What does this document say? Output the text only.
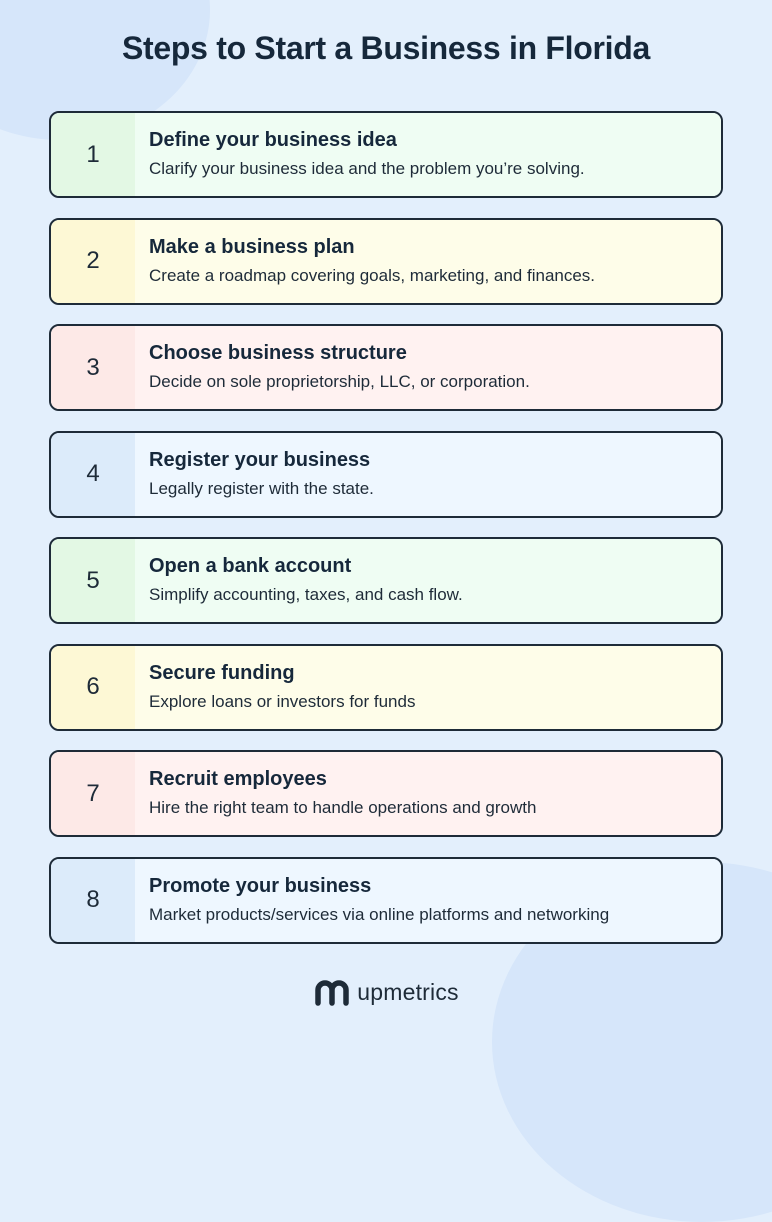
Steps to Start a Business in Florida
1
Define your business idea
Clarify your business idea and the problem you’re solving.
2
Make a business plan
Create a roadmap covering goals, marketing, and finances.
3
Choose business structure
Decide on sole proprietorship, LLC, or corporation.
4
Register your business
Legally register with the state.
5
Open a bank account
Simplify accounting, taxes, and cash flow.
6
Secure funding
Explore loans or investors for funds
7
Recruit employees
Hire the right team to handle operations and growth
8
Promote your business
Market products/services via online platforms and networking
upmetrics
